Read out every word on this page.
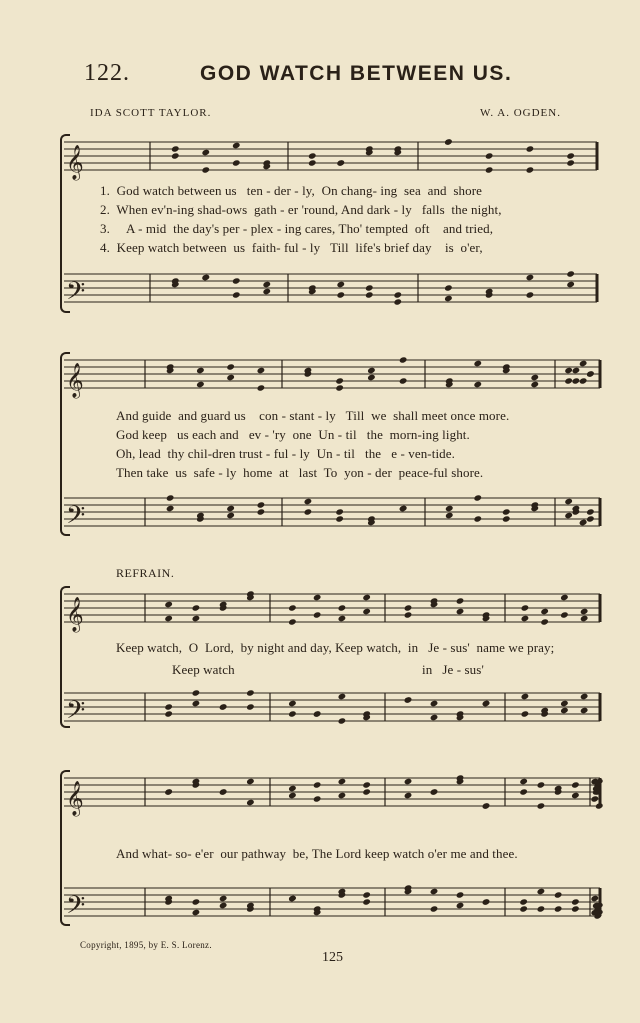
122.	GOD WATCH BETWEEN US.
IDA SCOTT TAYLOR.	W. A. OGDEN.
𝄞
1.  God watch between us   ten - der - ly,  On chang- ing  sea  and  shore
2.  When ev'n-ing shad-ows  gath - er 'round, And dark - ly   falls  the night,
3.     A - mid  the day's per - plex - ing cares, Tho' tempted  oft    and tried,
4.  Keep watch between  us  faith- ful - ly   Till  life's brief day    is  o'er,
𝄢
𝄞
And guide  and guard us    con - stant - ly   Till  we  shall meet once more.
God keep   us each and   ev - 'ry  one  Un - til   the  morn-ing light.
Oh, lead  thy chil-dren trust - ful - ly  Un - til   the   e - ven-tide.
Then take  us  safe - ly  home  at   last  To  yon - der  peace-ful shore.
𝄢
REFRAIN.
𝄞
Keep watch,  O  Lord,  by night and day, Keep watch,  in   Je - sus'  name we pray;
Keep watch	in   Je - sus'
𝄢
𝄞
And what- so- e'er  our pathway  be, The Lord keep watch o'er me and thee.
𝄢
Copyright, 1895, by E. S. Lorenz.
125
